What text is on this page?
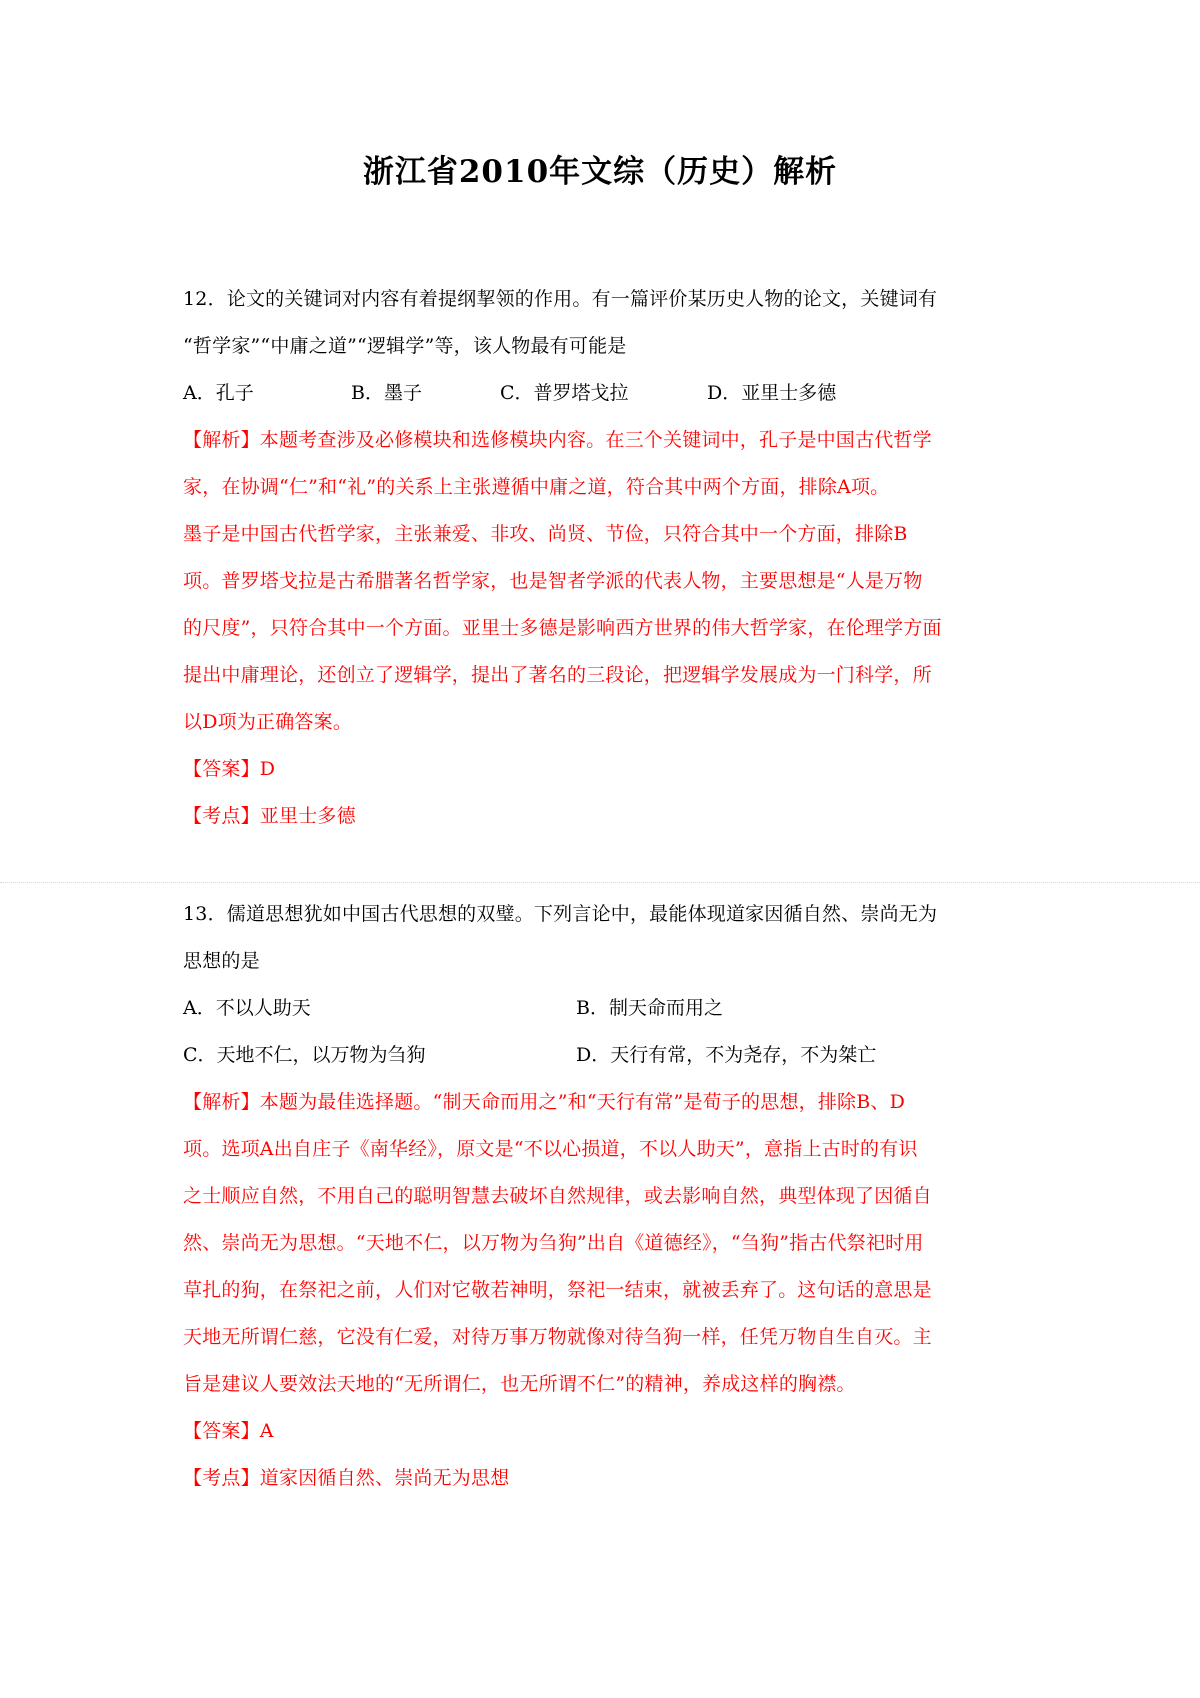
浙江省2010年文综（历史）解析
12．论文的关键词对内容有着提纲挈领的作用。有一篇评价某历史人物的论文，关键词有
“哲学家”“中庸之道”“逻辑学”等，该人物最有可能是
A．孔子	B．墨子	C．普罗塔戈拉	D．亚里士多德
【解析】本题考查涉及必修模块和选修模块内容。在三个关键词中，孔子是中国古代哲学
家，在协调“仁”和“礼”的关系上主张遵循中庸之道，符合其中两个方面，排除A项。
墨子是中国古代哲学家，主张兼爱、非攻、尚贤、节俭，只符合其中一个方面，排除B
项。普罗塔戈拉是古希腊著名哲学家，也是智者学派的代表人物，主要思想是“人是万物
的尺度”，只符合其中一个方面。亚里士多德是影响西方世界的伟大哲学家，在伦理学方面
提出中庸理论，还创立了逻辑学，提出了著名的三段论，把逻辑学发展成为一门科学，所
以D项为正确答案。
【答案】D
【考点】亚里士多德
13．儒道思想犹如中国古代思想的双璧。下列言论中，最能体现道家因循自然、崇尚无为
思想的是
A．不以人助天	B．制天命而用之
C．天地不仁，以万物为刍狗	D．天行有常，不为尧存，不为桀亡
【解析】本题为最佳选择题。“制天命而用之”和“天行有常”是荀子的思想，排除B、D
项。选项A出自庄子《南华经》，原文是“不以心损道，不以人助天”，意指上古时的有识
之士顺应自然，不用自己的聪明智慧去破坏自然规律，或去影响自然，典型体现了因循自
然、崇尚无为思想。“天地不仁，以万物为刍狗”出自《道德经》，“刍狗”指古代祭祀时用
草扎的狗，在祭祀之前，人们对它敬若神明，祭祀一结束，就被丢弃了。这句话的意思是
天地无所谓仁慈，它没有仁爱，对待万事万物就像对待刍狗一样，任凭万物自生自灭。主
旨是建议人要效法天地的“无所谓仁，也无所谓不仁”的精神，养成这样的胸襟。
【答案】A
【考点】道家因循自然、崇尚无为思想
